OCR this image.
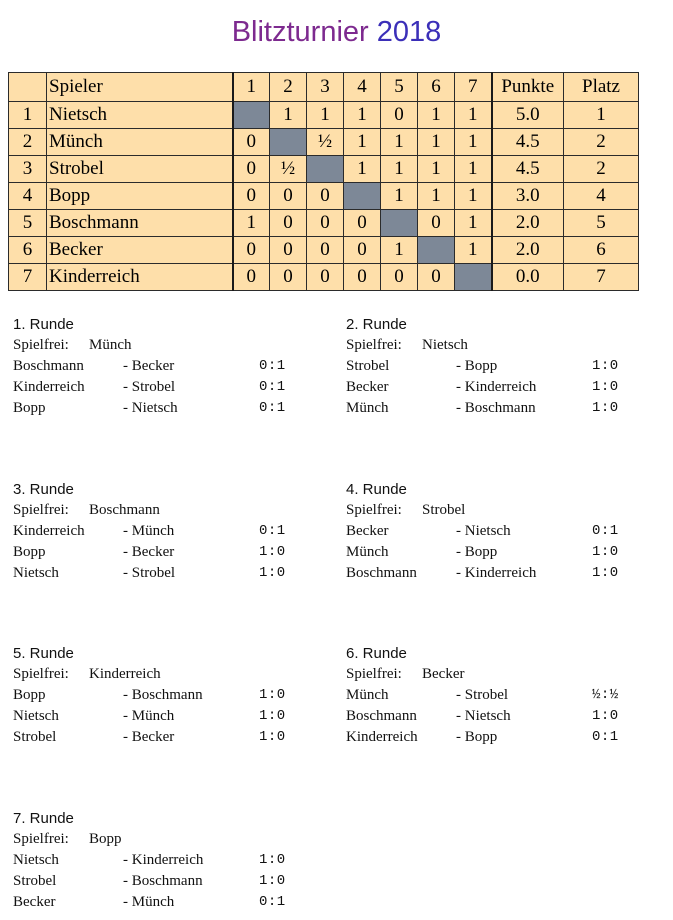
Blitzturnier 2018
	Spieler	1	2	3	4	5	6	7	Punkte	Platz
1	Nietsch		1	1	1	0	1	1	5.0	1
2	Münch	0		½	1	1	1	1	4.5	2
3	Strobel	0	½		1	1	1	1	4.5	2
4	Bopp	0	0	0		1	1	1	3.0	4
5	Boschmann	1	0	0	0		0	1	2.0	5
6	Becker	0	0	0	0	1		1	2.0	6
7	Kinderreich	0	0	0	0	0	0		0.0	7
1. Runde
Spielfrei: Münch
Boschmann	- Becker	0:1
Kinderreich	- Strobel	0:1
Bopp	- Nietsch	0:1
2. Runde
Spielfrei: Nietsch
Strobel	- Bopp	1:0
Becker	- Kinderreich	1:0
Münch	- Boschmann	1:0
3. Runde
Spielfrei: Boschmann
Kinderreich	- Münch	0:1
Bopp	- Becker	1:0
Nietsch	- Strobel	1:0
4. Runde
Spielfrei: Strobel
Becker	- Nietsch	0:1
Münch	- Bopp	1:0
Boschmann	- Kinderreich	1:0
5. Runde
Spielfrei: Kinderreich
Bopp	- Boschmann	1:0
Nietsch	- Münch	1:0
Strobel	- Becker	1:0
6. Runde
Spielfrei: Becker
Münch	- Strobel	½:½
Boschmann	- Nietsch	1:0
Kinderreich	- Bopp	0:1
7. Runde
Spielfrei: Bopp
Nietsch	- Kinderreich	1:0
Strobel	- Boschmann	1:0
Becker	- Münch	0:1
